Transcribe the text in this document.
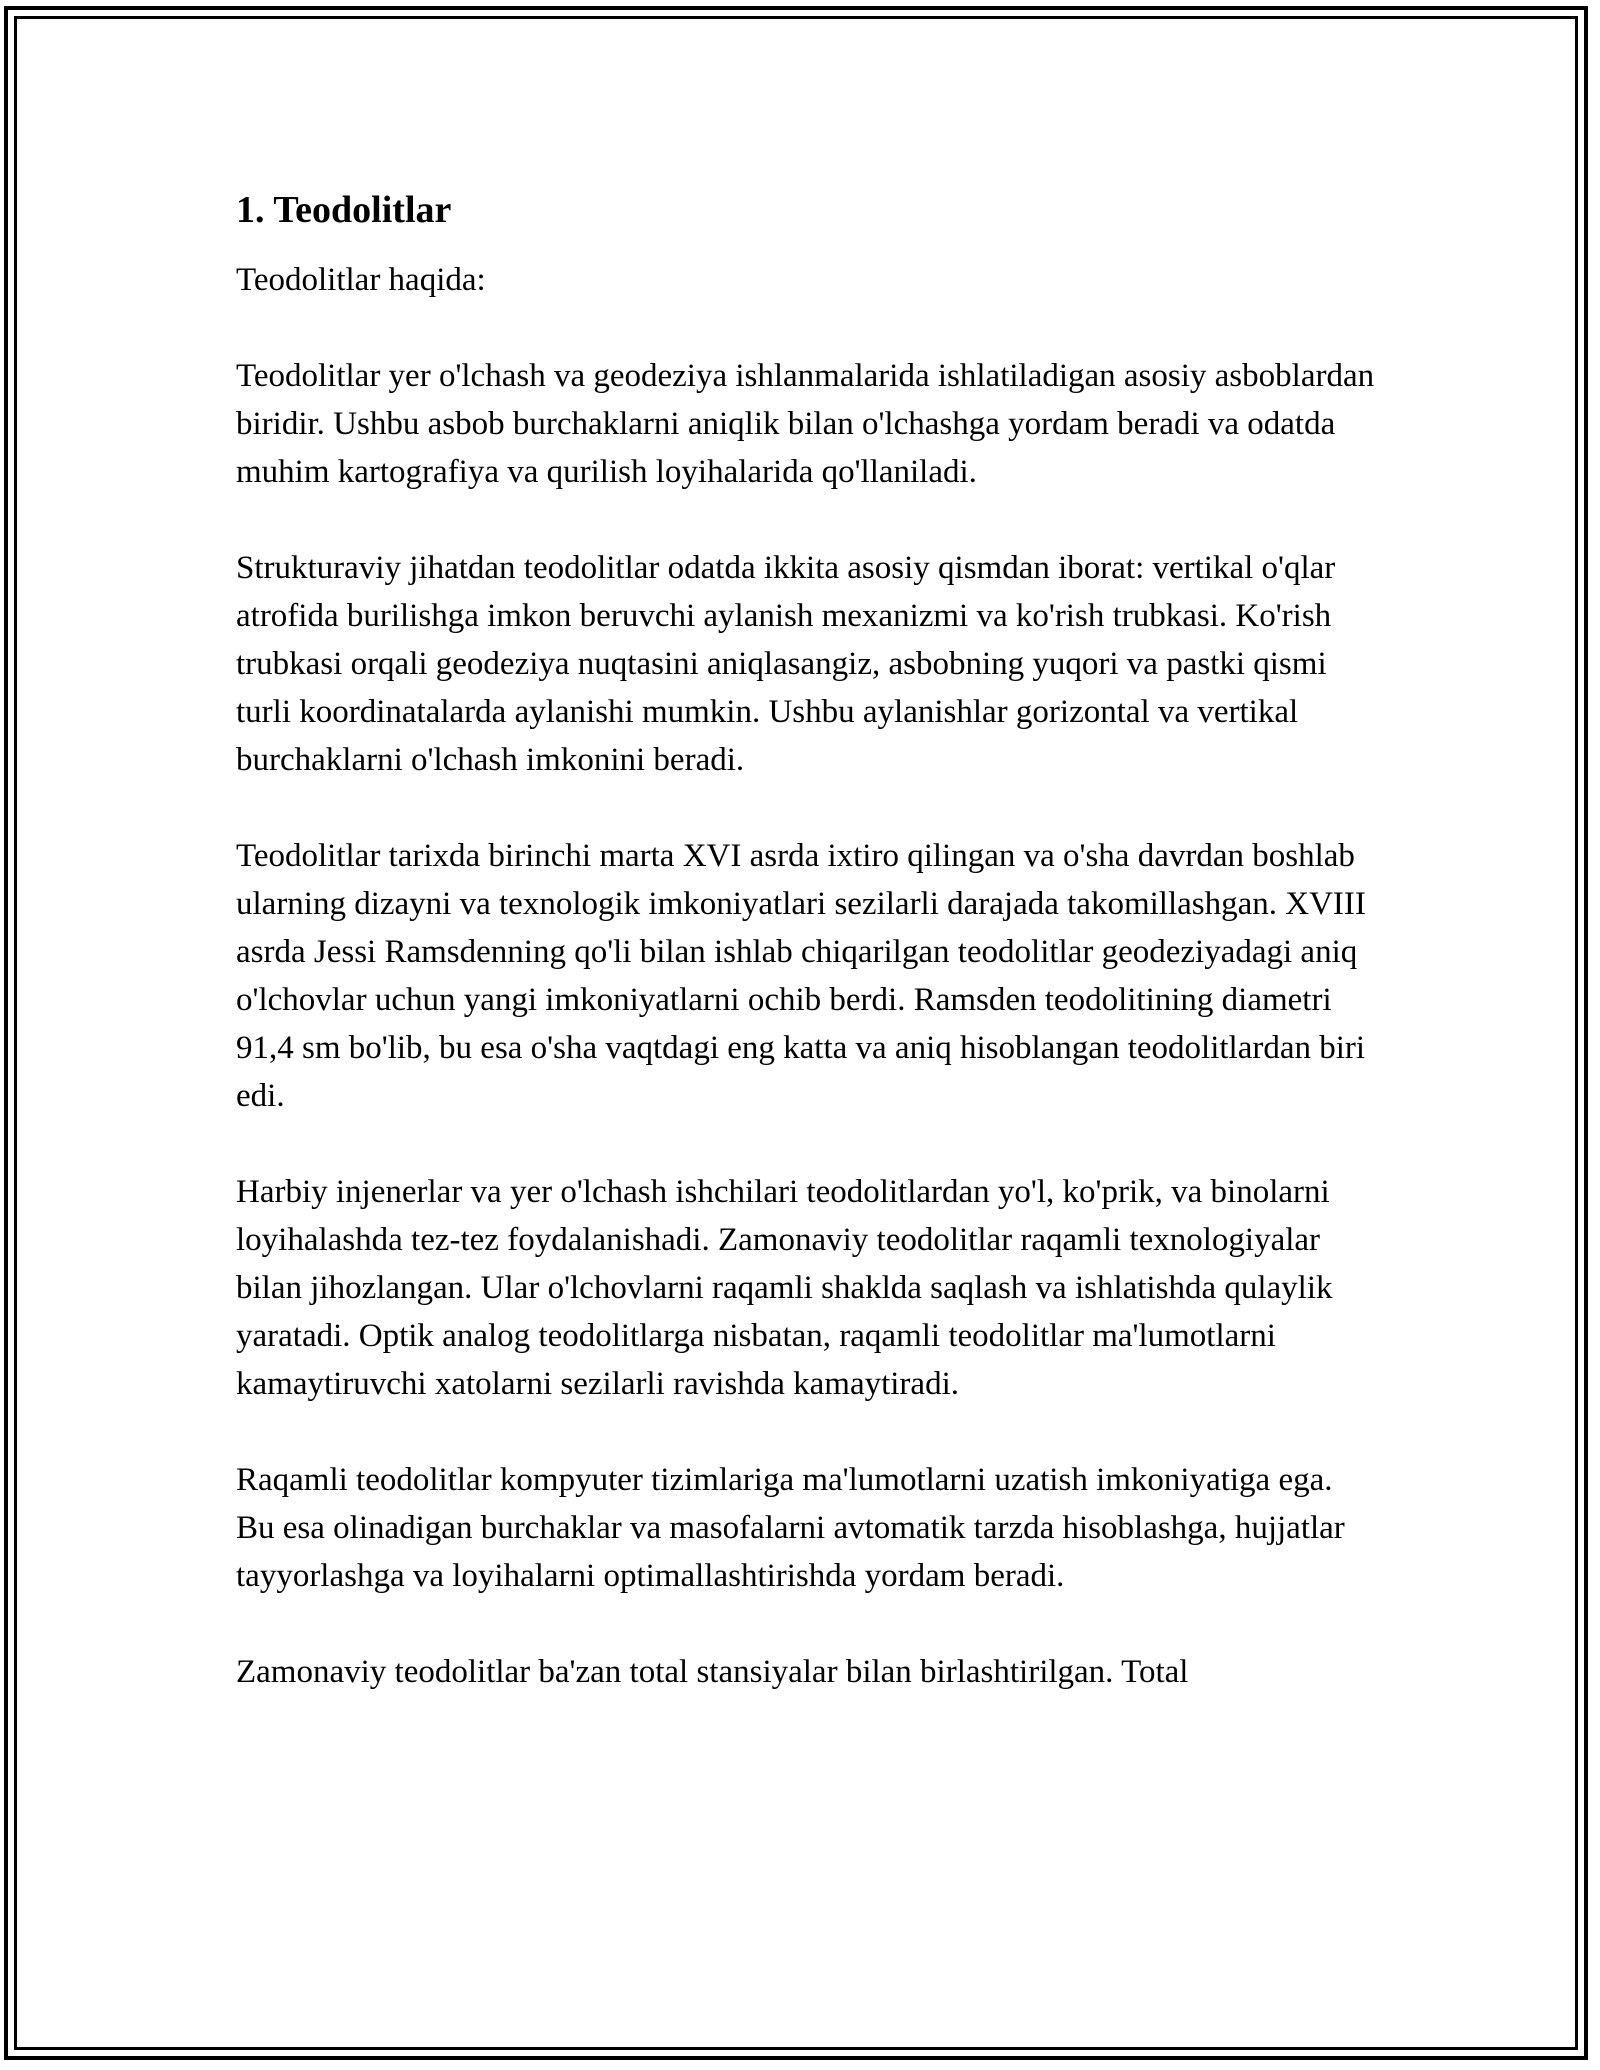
1. Teodolitlar

Teodolitlar haqida:

Teodolitlar yer o'lchash va geodeziya ishlanmalarida ishlatiladigan asosiy asboblardan biridir. Ushbu asbob burchaklarni aniqlik bilan o'lchashga yordam beradi va odatda muhim kartografiya va qurilish loyihalarida qo'llaniladi.

Strukturaviy jihatdan teodolitlar odatda ikkita asosiy qismdan iborat: vertikal o'qlar atrofida burilishga imkon beruvchi aylanish mexanizmi va ko'rish trubkasi. Ko'rish trubkasi orqali geodeziya nuqtasini aniqlasangiz, asbobning yuqori va pastki qismi turli koordinatalarda aylanishi mumkin. Ushbu aylanishlar gorizontal va vertikal burchaklarni o'lchash imkonini beradi.

Teodolitlar tarixda birinchi marta XVI asrda ixtiro qilingan va o'sha davrdan boshlab ularning dizayni va texnologik imkoniyatlari sezilarli darajada takomillashgan. XVIII asrda Jessi Ramsdenning qo'li bilan ishlab chiqarilgan teodolitlar geodeziyadagi aniq o'lchovlar uchun yangi imkoniyatlarni ochib berdi. Ramsden teodolitining diametri 91,4 sm bo'lib, bu esa o'sha vaqtdagi eng katta va aniq hisoblangan teodolitlardan biri edi.

Harbiy injenerlar va yer o'lchash ishchilari teodolitlardan yo'l, ko'prik, va binolarni loyihalashda tez-tez foydalanishadi. Zamonaviy teodolitlar raqamli texnologiyalar bilan jihozlangan. Ular o'lchovlarni raqamli shaklda saqlash va ishlatishda qulaylik yaratadi. Optik analog teodolitlarga nisbatan, raqamli teodolitlar ma'lumotlarni kamaytiruvchi xatolarni sezilarli ravishda kamaytiradi.

Raqamli teodolitlar kompyuter tizimlariga ma'lumotlarni uzatish imkoniyatiga ega. Bu esa olinadigan burchaklar va masofalarni avtomatik tarzda hisoblashga, hujjatlar tayyorlashga va loyihalarni optimallashtirishda yordam beradi.

Zamonaviy teodolitlar ba'zan total stansiyalar bilan birlashtirilgan. Total
